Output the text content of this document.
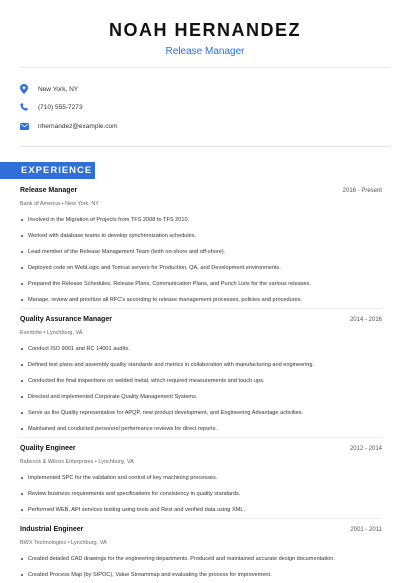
NOAH HERNANDEZ
Release Manager
New York, NY
(710) 555-7273
nhernandez@example.com
EXPERIENCE
Release Manager	2016 - Present
Bank of America • New York, NY
Involved in the Migration of Projects from TFS 2008 to TFS 2010.
Worked with database teams to develop synchronization schedules.
Lead member of the Release Management Team (both on-shore and off-shore).
Deployed code on WebLogic and Tomcat servers for Production, QA, and Development environments.
Prepared the Release Schedules, Release Plans, Communication Plans, and Punch Lists for the various releases.
Manage, review and prioritize all RFC's according to release management processes, policies and procedures.
Quality Assurance Manager	2014 - 2016
Everbrite • Lynchburg, VA
Conduct ISO 9001 and RC 14001 audits.
Defined test plans and assembly quality standards and metrics in collaboration with manufacturing and engineering.
Conducted the final inspections on welded metal, which required measurements and touch ups.
Directed and implemented Corporate Quality Management Systems.
Serve as the Quality representative for APQP, new product development, and Engineering Advantage activities.
Maintained and conducted personnel performance reviews for direct reports.
Quality Engineer	2012 - 2014
Babcock & Wilcox Enterprises • Lynchburg, VA
Implemented SPC for the validation and control of key machining processes.
Review business requirements and specifications for consistency in quality standards.
Performed WEB, API services testing using tools and Rest and verified data using XML.
Industrial Engineer	2001 - 2011
BWX Technologies • Lynchburg, VA
Created detailed CAD drawings for the engineering departments. Produced and maintained accurate design documentation.
Created Process Map (by SIPOC), Value Streammap and evaluating the process for improvement.
